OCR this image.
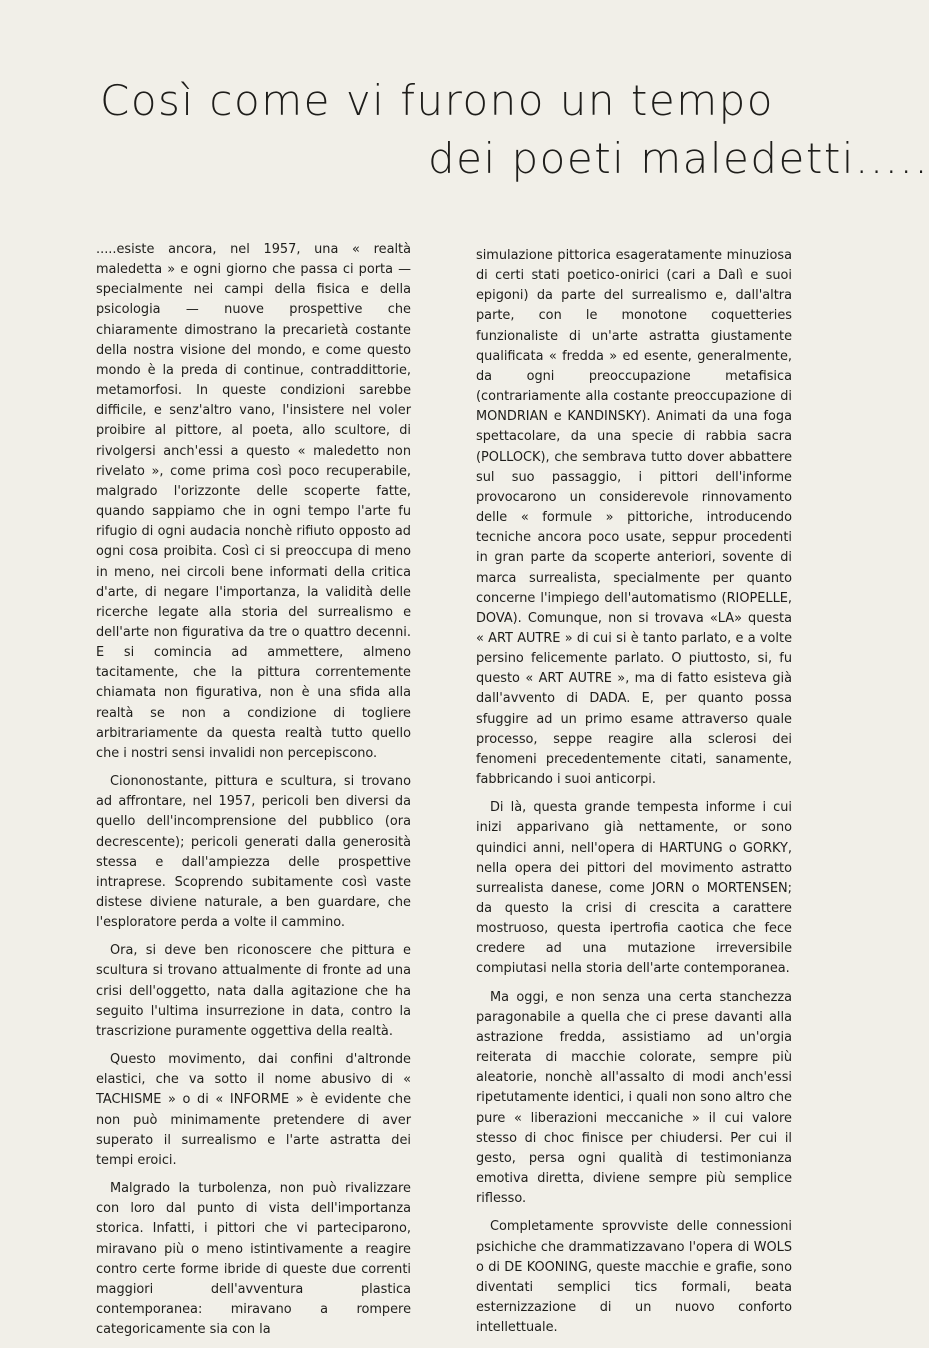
Così come vi furono un tempo
dei poeti maledetti.....

.....esiste ancora, nel 1957, una « realtà maledetta » e ogni giorno che passa ci porta — specialmente nei campi della fisica e della psicologia — nuove prospettive che chiaramente dimostrano la precarietà costante della nostra visione del mondo, e come questo mondo è la preda di continue, contraddittorie, metamorfosi. In queste condizioni sarebbe difficile, e senz'altro vano, l'insistere nel voler proibire al pittore, al poeta, allo scultore, di rivolgersi anch'essi a questo « maledetto non rivelato », come prima così poco recuperabile, malgrado l'orizzonte delle scoperte fatte, quando sappiamo che in ogni tempo l'arte fu rifugio di ogni audacia nonchè rifiuto opposto ad ogni cosa proibita. Così ci si preoccupa di meno in meno, nei circoli bene informati della critica d'arte, di negare l'importanza, la validità delle ricerche legate alla storia del surrealismo e dell'arte non figurativa da tre o quattro decenni. E si comincia ad ammettere, almeno tacitamente, che la pittura correntemente chiamata non figurativa, non è una sfida alla realtà se non a condizione di togliere arbitrariamente da questa realtà tutto quello che i nostri sensi invalidi non percepiscono.

Ciononostante, pittura e scultura, si trovano ad affrontare, nel 1957, pericoli ben diversi da quello dell'incomprensione del pubblico (ora decrescente); pericoli generati dalla generosità stessa e dall'ampiezza delle prospettive intraprese. Scoprendo subitamente così vaste distese diviene naturale, a ben guardare, che l'esploratore perda a volte il cammino.

Ora, si deve ben riconoscere che pittura e scultura si trovano attualmente di fronte ad una crisi dell'oggetto, nata dalla agitazione che ha seguito l'ultima insurrezione in data, contro la trascrizione puramente oggettiva della realtà.

Questo movimento, dai confini d'altronde elastici, che va sotto il nome abusivo di « TACHISME » o di « INFORME » è evidente che non può minimamente pretendere di aver superato il surrealismo e l'arte astratta dei tempi eroici.

Malgrado la turbolenza, non può rivalizzare con loro dal punto di vista dell'importanza storica. Infatti, i pittori che vi parteciparono, miravano più o meno istintivamente a reagire contro certe forme ibride di queste due correnti maggiori dell'avventura plastica contemporanea: miravano a rompere categoricamente sia con la

simulazione pittorica esageratamente minuziosa di certi stati poetico-onirici (cari a Dalì e suoi epigoni) da parte del surrealismo e, dall'altra parte, con le monotone coquetteries funzionaliste di un'arte astratta giustamente qualificata « fredda » ed esente, generalmente, da ogni preoccupazione metafisica (contrariamente alla costante preoccupazione di MONDRIAN e KANDINSKY). Animati da una foga spettacolare, da una specie di rabbia sacra (POLLOCK), che sembrava tutto dover abbattere sul suo passaggio, i pittori dell'informe provocarono un considerevole rinnovamento delle « formule » pittoriche, introducendo tecniche ancora poco usate, seppur procedenti in gran parte da scoperte anteriori, sovente di marca surrealista, specialmente per quanto concerne l'impiego dell'automatismo (RIOPELLE, DOVA). Comunque, non si trovava «LA» questa « ART AUTRE » di cui si è tanto parlato, e a volte persino felicemente parlato. O piuttosto, si, fu questo « ART AUTRE », ma di fatto esisteva già dall'avvento di DADA. E, per quanto possa sfuggire ad un primo esame attraverso quale processo, seppe reagire alla sclerosi dei fenomeni precedentemente citati, sanamente, fabbricando i suoi anticorpi.

Di là, questa grande tempesta informe i cui inizi apparivano già nettamente, or sono quindici anni, nell'opera di HARTUNG o GORKY, nella opera dei pittori del movimento astratto surrealista danese, come JORN o MORTENSEN; da questo la crisi di crescita a carattere mostruoso, questa ipertrofia caotica che fece credere ad una mutazione irreversibile compiutasi nella storia dell'arte contemporanea.

Ma oggi, e non senza una certa stanchezza paragonabile a quella che ci prese davanti alla astrazione fredda, assistiamo ad un'orgia reiterata di macchie colorate, sempre più aleatorie, nonchè all'assalto di modi anch'essi ripetutamente identici, i quali non sono altro che pure « liberazioni meccaniche » il cui valore stesso di choc finisce per chiudersi. Per cui il gesto, persa ogni qualità di testimonianza emotiva diretta, diviene sempre più semplice riflesso.

Completamente sprovviste delle connessioni psichiche che drammatizzavano l'opera di WOLS o di DE KOONING, queste macchie e grafie, sono diventati semplici tics formali, beata esternizzazione di un nuovo conforto intellettuale.
